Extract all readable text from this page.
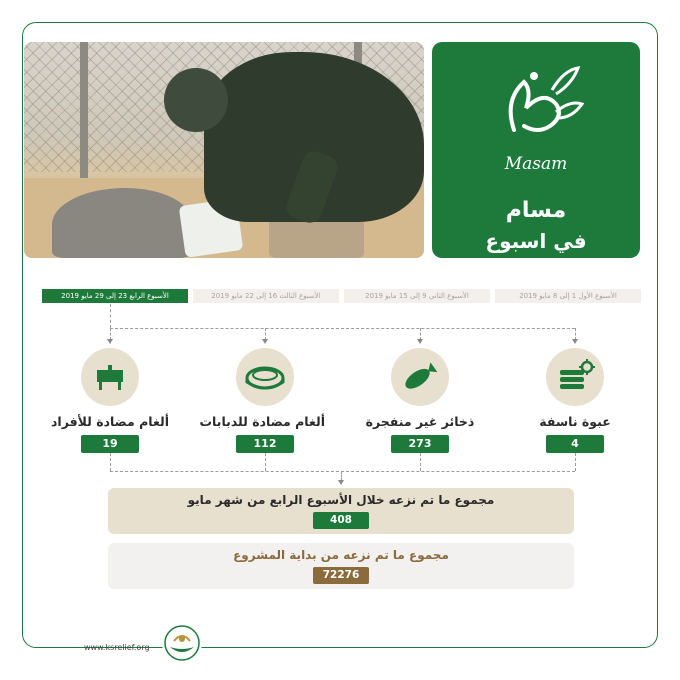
Masam
مسام
في اسبوع
الأسبوع الرابع 23 إلى 29 مايو 2019	الأسبوع الثالث 16 إلى 22 مايو 2019	الأسبوع الثاني 9 إلى 15 مايو 2019	الأسبوع الأول 1 إلى 8 مايو 2019
ألغام مضادة للأفراد
19
ألغام مضادة للدبابات
112
ذخائر غير منفجرة
273
عبوة ناسفة
4
مجموع ما تم نزعه خلال الأسبوع الرابع من شهر مايو
408
مجموع ما تم نزعه من بداية المشروع
72276
www.ksrelief.org
